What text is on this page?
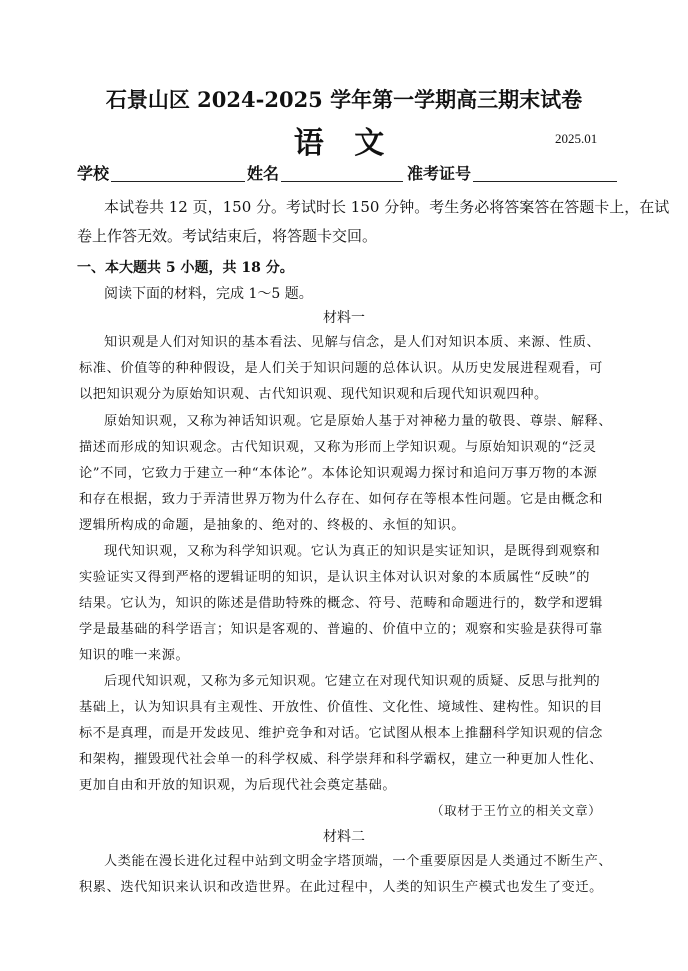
石景山区 2024-2025 学年第一学期高三期末试卷
语 文	2025.01
学校	姓名	准考证号
本试卷共 12 页，150 分。考试时长 150 分钟。考生务必将答案答在答题卡上，在试
卷上作答无效。考试结束后，将答题卡交回。
一、本大题共 5 小题，共 18 分。
阅读下面的材料，完成 1～5 题。
材料一
知识观是人们对知识的基本看法、见解与信念，是人们对知识本质、来源、性质、
标准、价值等的种种假设，是人们关于知识问题的总体认识。从历史发展进程观看，可
以把知识观分为原始知识观、古代知识观、现代知识观和后现代知识观四种。
原始知识观，又称为神话知识观。它是原始人基于对神秘力量的敬畏、尊崇、解释、
描述而形成的知识观念。古代知识观，又称为形而上学知识观。与原始知识观的“泛灵
论”不同，它致力于建立一种“本体论”。本体论知识观竭力探讨和追问万事万物的本源
和存在根据，致力于弄清世界万物为什么存在、如何存在等根本性问题。它是由概念和
逻辑所构成的命题，是抽象的、绝对的、终极的、永恒的知识。
现代知识观，又称为科学知识观。它认为真正的知识是实证知识，是既得到观察和
实验证实又得到严格的逻辑证明的知识，是认识主体对认识对象的本质属性“反映”的
结果。它认为，知识的陈述是借助特殊的概念、符号、范畴和命题进行的，数学和逻辑
学是最基础的科学语言；知识是客观的、普遍的、价值中立的；观察和实验是获得可靠
知识的唯一来源。
后现代知识观，又称为多元知识观。它建立在对现代知识观的质疑、反思与批判的
基础上，认为知识具有主观性、开放性、价值性、文化性、境域性、建构性。知识的目
标不是真理，而是开发歧见、维护竞争和对话。它试图从根本上推翻科学知识观的信念
和架构，摧毁现代社会单一的科学权威、科学崇拜和科学霸权，建立一种更加人性化、
更加自由和开放的知识观，为后现代社会奠定基础。
（取材于王竹立的相关文章）
材料二
人类能在漫长进化过程中站到文明金字塔顶端，一个重要原因是人类通过不断生产、
积累、迭代知识来认识和改造世界。在此过程中，人类的知识生产模式也发生了变迁。
